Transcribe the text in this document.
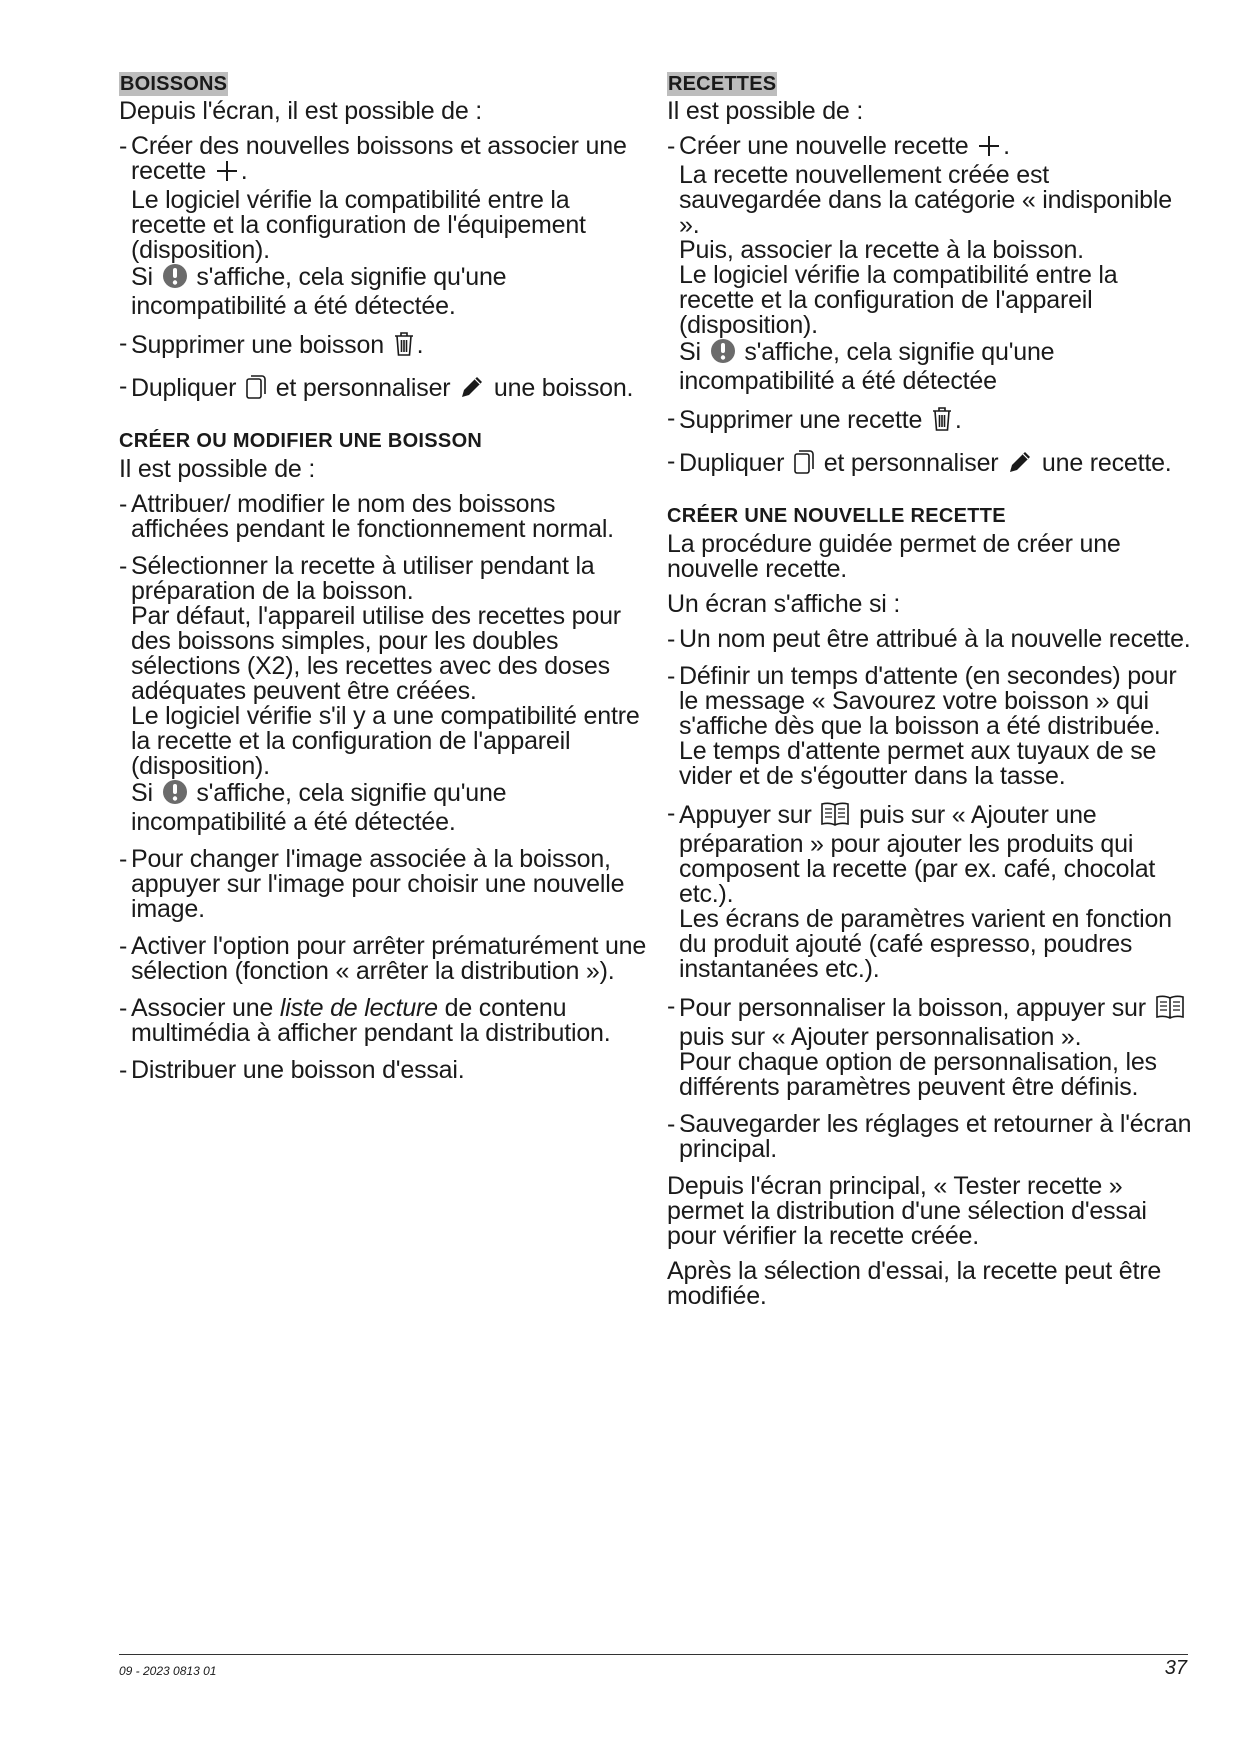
BOISSONS
Depuis l'écran, il est possible de :
- Créer des nouvelles boissons et associer une recette .
Le logiciel vérifie la compatibilité entre la recette et la configuration de l'équipement (disposition).
Si s'affiche, cela signifie qu'une incompatibilité a été détectée.
- Supprimer une boisson .
- Dupliquer et personnaliser une boisson.
CRÉER OU MODIFIER UNE BOISSON
Il est possible de :
- Attribuer/ modifier le nom des boissons affichées pendant le fonctionnement normal.
- Sélectionner la recette à utiliser pendant la préparation de la boisson.
Par défaut, l'appareil utilise des recettes pour des boissons simples, pour les doubles sélections (X2), les recettes avec des doses adéquates peuvent être créées.
Le logiciel vérifie s'il y a une compatibilité entre la recette et la configuration de l'appareil (disposition).
Si s'affiche, cela signifie qu'une incompatibilité a été détectée.
- Pour changer l'image associée à la boisson, appuyer sur l'image pour choisir une nouvelle image.
- Activer l'option pour arrêter prématurément une sélection (fonction « arrêter la distribution »).
- Associer une liste de lecture de contenu multimédia à afficher pendant la distribution.
- Distribuer une boisson d'essai.
RECETTES
Il est possible de :
- Créer une nouvelle recette .
La recette nouvellement créée est sauvegardée dans la catégorie « indisponible ».
Puis, associer la recette à la boisson.
Le logiciel vérifie la compatibilité entre la recette et la configuration de l'appareil (disposition).
Si s'affiche, cela signifie qu'une incompatibilité a été détectée
- Supprimer une recette .
- Dupliquer et personnaliser une recette.
CRÉER UNE NOUVELLE RECETTE
La procédure guidée permet de créer une nouvelle recette.
Un écran s'affiche si :
- Un nom peut être attribué à la nouvelle recette.
- Définir un temps d'attente (en secondes) pour le message « Savourez votre boisson » qui s'affiche dès que la boisson a été distribuée.
Le temps d'attente permet aux tuyaux de se vider et de s'égoutter dans la tasse.
- Appuyer sur puis sur « Ajouter une préparation » pour ajouter les produits qui composent la recette (par ex. café, chocolat etc.).
Les écrans de paramètres varient en fonction du produit ajouté (café espresso, poudres instantanées etc.).
- Pour personnaliser la boisson, appuyer sur  puis sur « Ajouter personnalisation ».
Pour chaque option de personnalisation, les différents paramètres peuvent être définis.
- Sauvegarder les réglages et retourner à l'écran principal.
Depuis l'écran principal, « Tester recette » permet la distribution d'une sélection d'essai pour vérifier la recette créée.
Après la sélection d'essai, la recette peut être modifiée.
09 - 2023 0813 01	37
